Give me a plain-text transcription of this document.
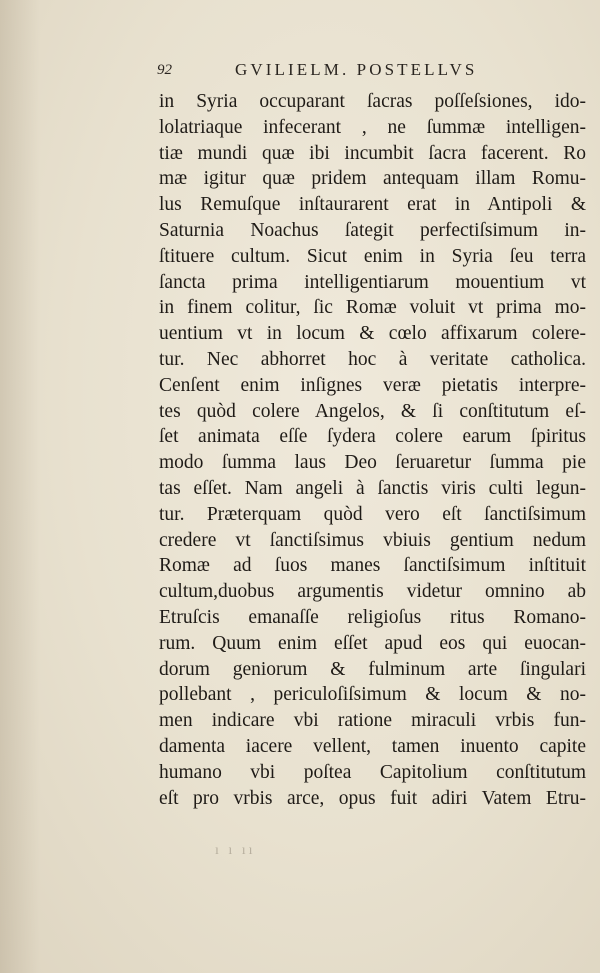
92	GVILIELM. POSTELLVS
in Syria occuparant ſacras poſſeſsiones, ido-
lolatriaque infecerant , ne ſummæ intelligen-
tiæ mundi quæ ibi incumbit ſacra facerent. Ro
mæ igitur quæ pridem antequam illam Romu-
lus Remuſque inſtaurarent erat in Antipoli &
Saturnia Noachus ſategit perfectiſsimum in-
ſtituere cultum. Sicut enim in Syria ſeu terra
ſancta prima intelligentiarum mouentium vt
in finem colitur, ſic Romæ voluit vt prima mo-
uentium vt in locum & cœlo affixarum colere-
tur. Nec abhorret hoc à veritate catholica.
Cenſent enim inſignes veræ pietatis interpre-
tes quòd colere Angelos, & ſi conſtitutum eſ-
ſet animata eſſe ſydera colere earum ſpiritus
modo ſumma laus Deo ſeruaretur ſumma pie
tas eſſet. Nam angeli à ſanctis viris culti legun-
tur. Præterquam quòd vero eſt ſanctiſsimum
credere vt ſanctiſsimus vbiuis gentium nedum
Romæ ad ſuos manes ſanctiſsimum inſtituit
cultum,duobus argumentis videtur omnino ab
Etruſcis emanaſſe religioſus ritus Romano-
rum. Quum enim eſſet apud eos qui euocan-
dorum geniorum & fulminum arte ſingulari
pollebant , periculoſiſsimum & locum & no-
men indicare vbi ratione miraculi vrbis fun-
damenta iacere vellent, tamen inuento capite
humano vbi poſtea Capitolium conſtitutum
eſt pro vrbis arce, opus fuit adiri Vatem Etru-
ı ı ıı
